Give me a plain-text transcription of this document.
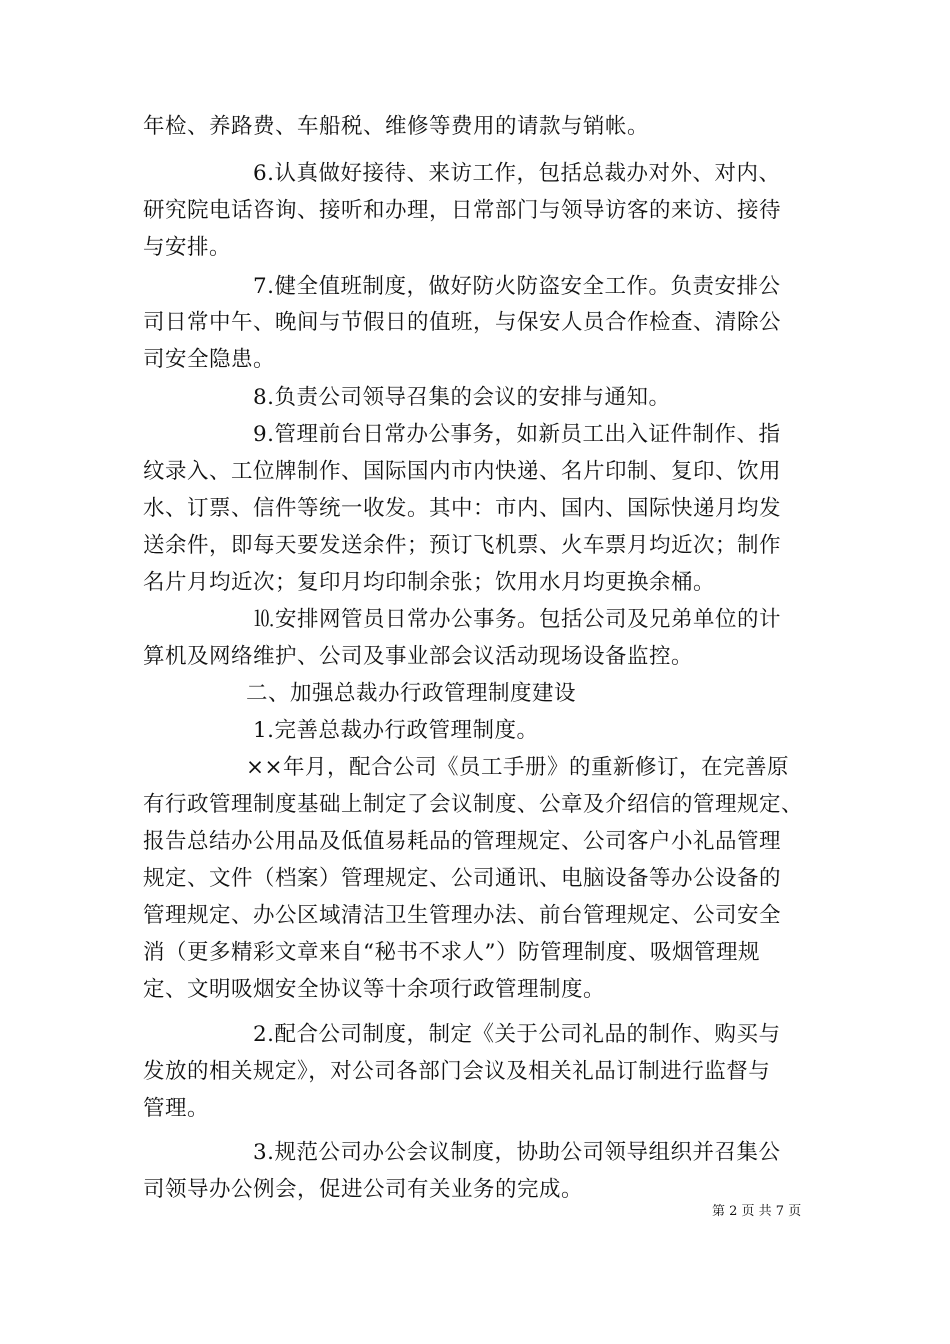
年检、养路费、车船税、维修等费用的请款与销帐。
6.认真做好接待、来访工作，包括总裁办对外、对内、
研究院电话咨询、接听和办理，日常部门与领导访客的来访、接待
与安排。
7.健全值班制度，做好防火防盗安全工作。负责安排公
司日常中午、晚间与节假日的值班，与保安人员合作检查、清除公
司安全隐患。
8.负责公司领导召集的会议的安排与通知。
9.管理前台日常办公事务，如新员工出入证件制作、指
纹录入、工位牌制作、国际国内市内快递、名片印制、复印、饮用
水、订票、信件等统一收发。其中：市内、国内、国际快递月均发
送余件，即每天要发送余件；预订飞机票、火车票月均近次；制作
名片月均近次；复印月均印制余张；饮用水月均更换余桶。
⒑安排网管员日常办公事务。包括公司及兄弟单位的计
算机及网络维护、公司及事业部会议活动现场设备监控。
二、加强总裁办行政管理制度建设
1.完善总裁办行政管理制度。
××年月，配合公司《员工手册》的重新修订，在完善原
有行政管理制度基础上制定了会议制度、公章及介绍信的管理规定、
报告总结办公用品及低值易耗品的管理规定、公司客户小礼品管理
规定、文件（档案）管理规定、公司通讯、电脑设备等办公设备的
管理规定、办公区域清洁卫生管理办法、前台管理规定、公司安全
消（更多精彩文章来自“秘书不求人”）防管理制度、吸烟管理规
定、文明吸烟安全协议等十余项行政管理制度。
2.配合公司制度，制定《关于公司礼品的制作、购买与
发放的相关规定》，对公司各部门会议及相关礼品订制进行监督与
管理。
3.规范公司办公会议制度，协助公司领导组织并召集公
司领导办公例会，促进公司有关业务的完成。
第 2 页 共 7 页
